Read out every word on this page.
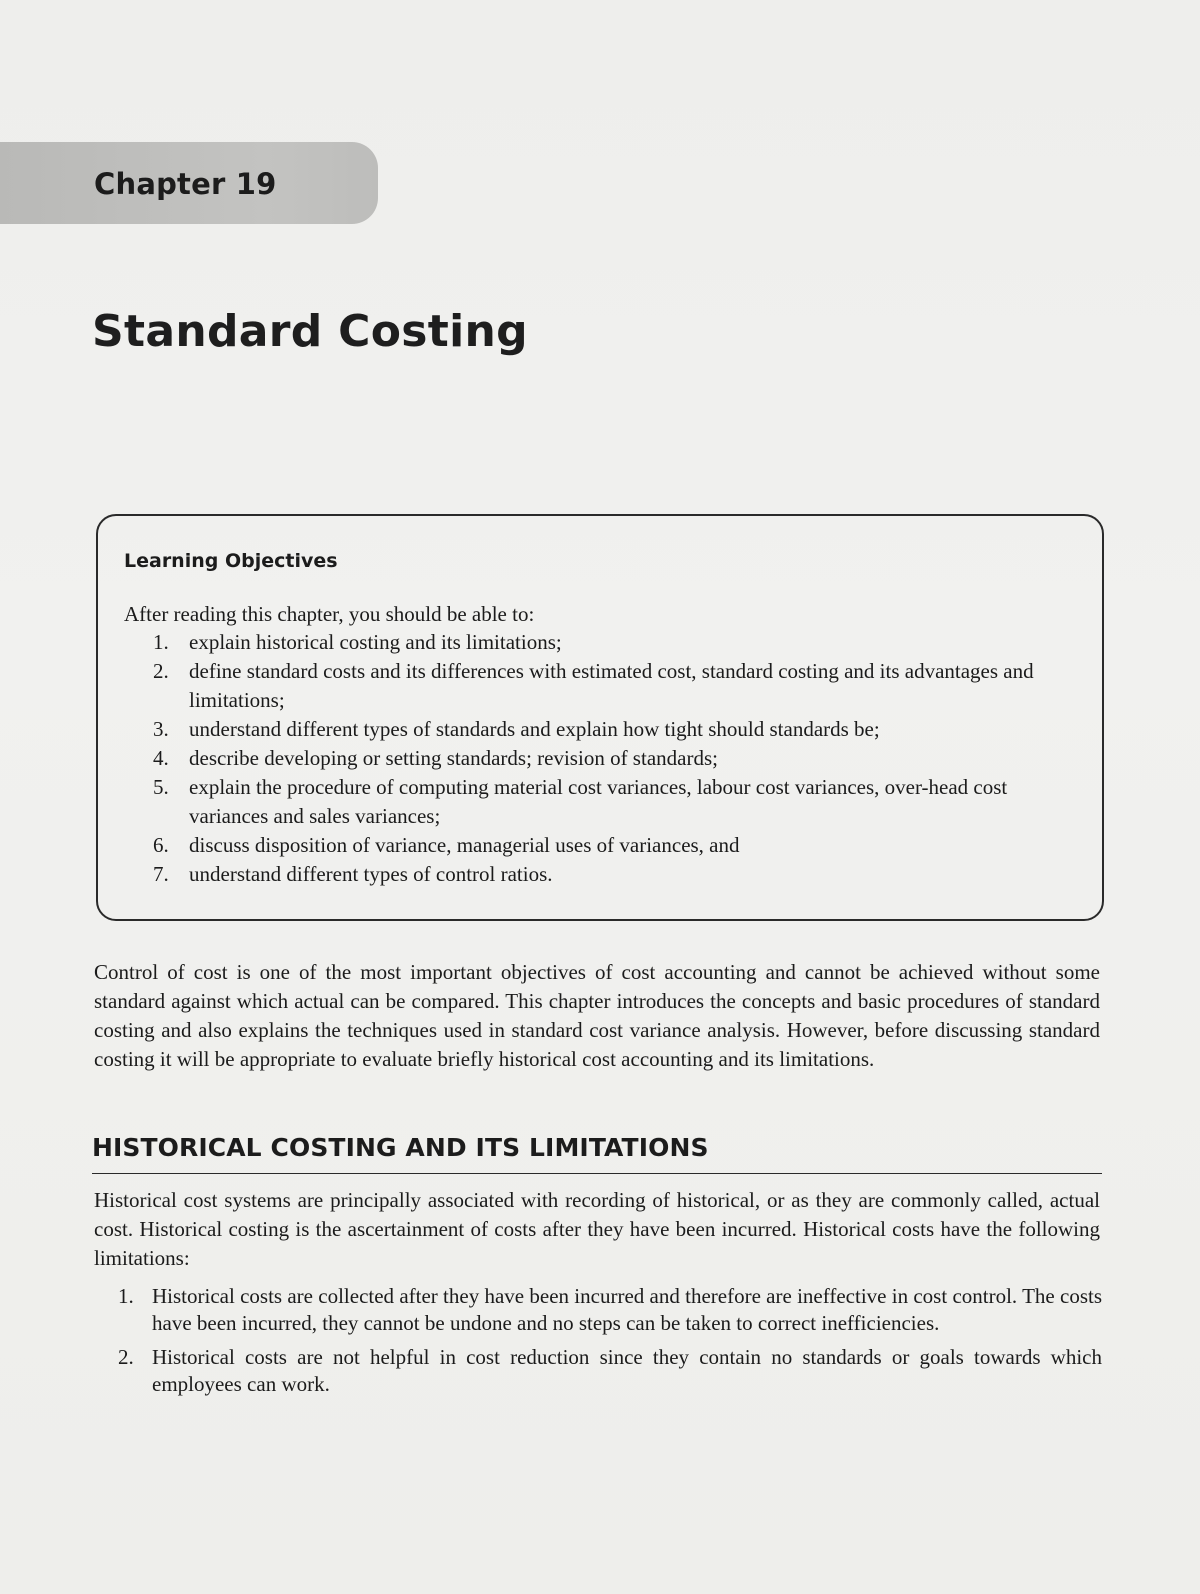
Chapter 19
Standard Costing
Learning Objectives
After reading this chapter, you should be able to:
1. explain historical costing and its limitations;
2. define standard costs and its differences with estimated cost, standard costing and its advantages and limitations;
3. understand different types of standards and explain how tight should standards be;
4. describe developing or setting standards; revision of standards;
5. explain the procedure of computing material cost variances, labour cost variances, over-head cost variances and sales variances;
6. discuss disposition of variance, managerial uses of variances, and
7. understand different types of control ratios.

Control of cost is one of the most important objectives of cost accounting and cannot be achieved without some standard against which actual can be compared. This chapter introduces the concepts and basic procedures of standard costing and also explains the techniques used in standard cost variance analysis. However, before discussing standard costing it will be appropriate to evaluate briefly historical cost accounting and its limitations.

HISTORICAL COSTING AND ITS LIMITATIONS

Historical cost systems are principally associated with recording of historical, or as they are commonly called, actual cost. Historical costing is the ascertainment of costs after they have been incurred. Historical costs have the following limitations:

1. Historical costs are collected after they have been incurred and therefore are ineffective in cost control. The costs have been incurred, they cannot be undone and no steps can be taken to correct inefficiencies.
2. Historical costs are not helpful in cost reduction since they contain no standards or goals towards which employees can work.
